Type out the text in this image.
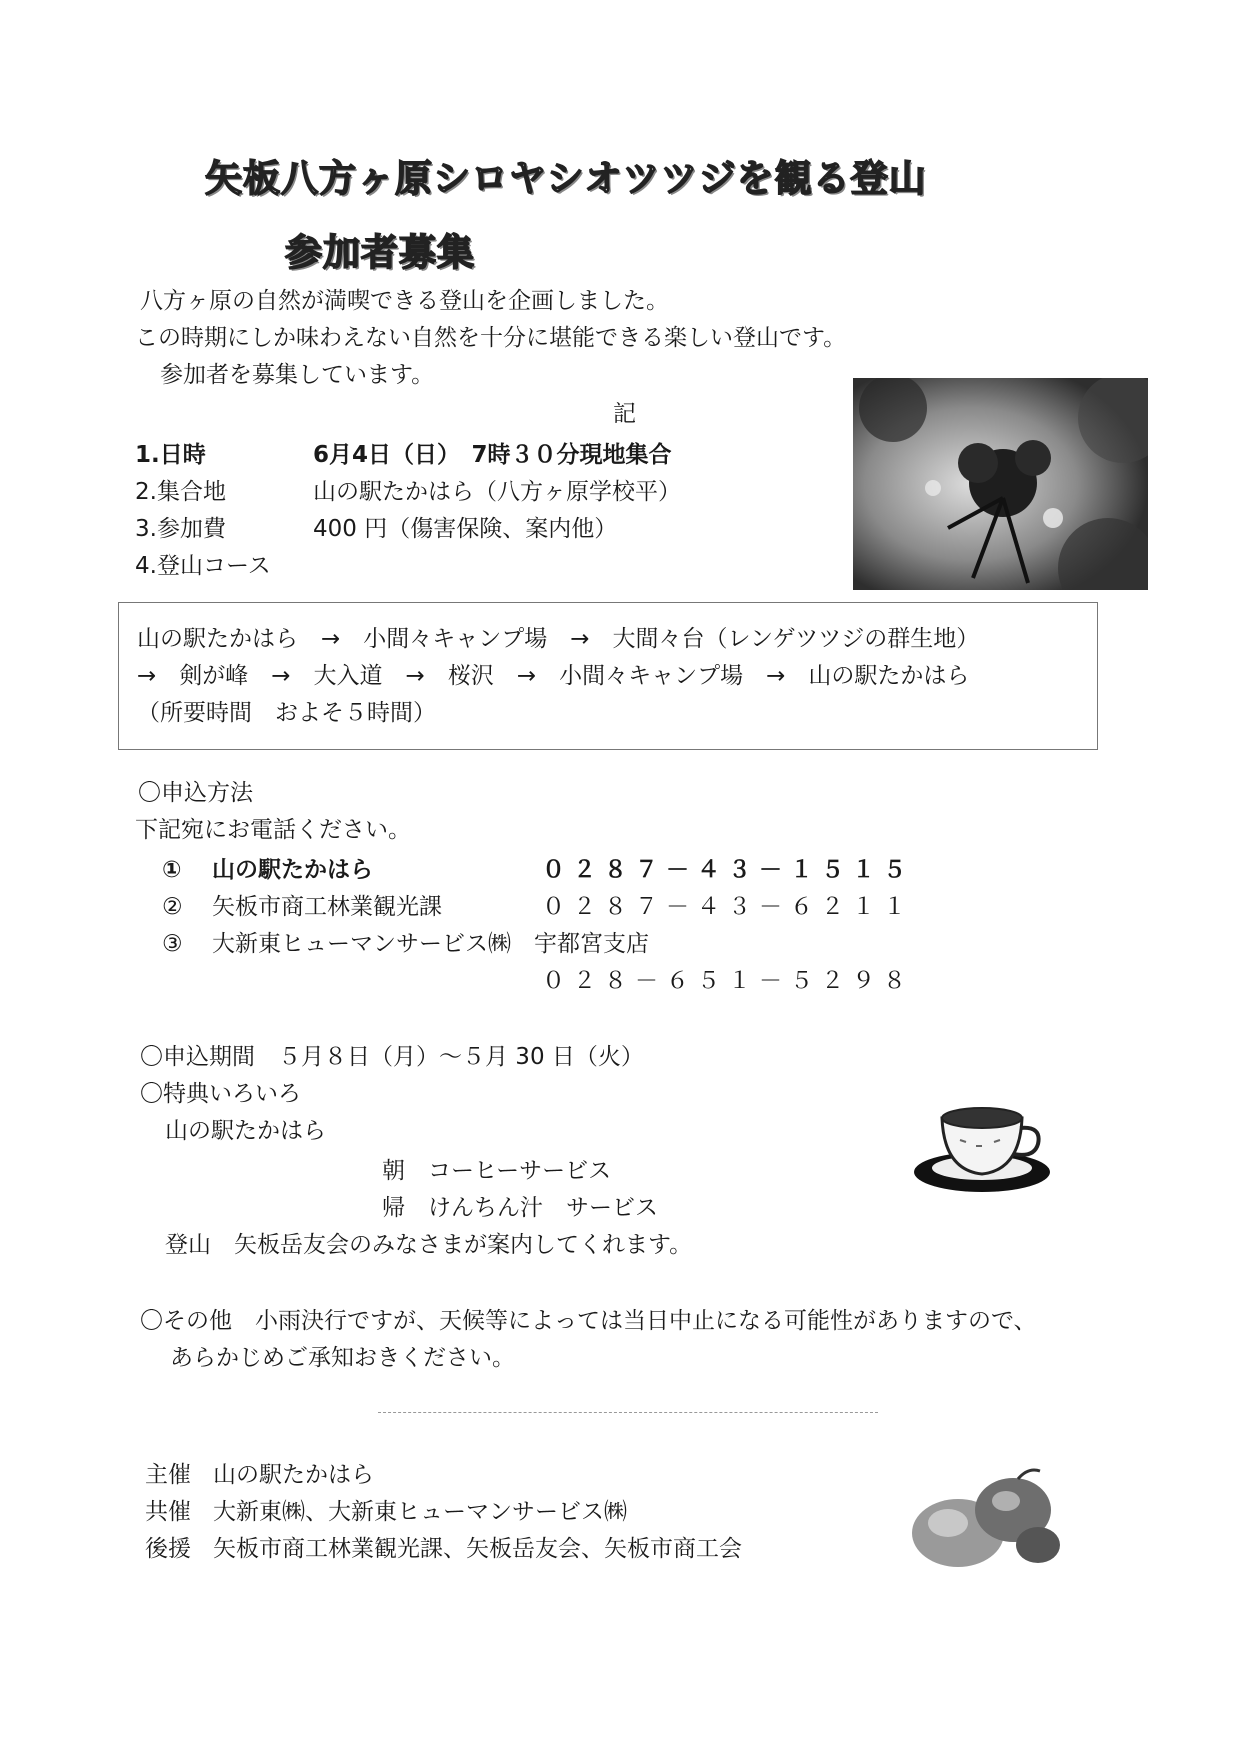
矢板八方ヶ原シロヤシオツツジを観る登山
参加者募集
八方ヶ原の自然が満喫できる登山を企画しました。
この時期にしか味わえない自然を十分に堪能できる楽しい登山です。
参加者を募集しています。
記
1.日時	6月4日（日）　7時３０分現地集合
2.集合地	山の駅たかはら（八方ヶ原学校平）
3.参加費	400 円（傷害保険、案内他）
4.登山コース
山の駅たかはら　→　小間々キャンプ場　→　大間々台（レンゲツツジの群生地）
→　剣が峰　→　大入道　→　桜沢　→　小間々キャンプ場　→　山の駅たかはら
（所要時間　およそ５時間）
〇申込方法
下記宛にお電話ください。
① 山の駅たかはら	０２８７－４３－１５１５
② 矢板市商工林業観光課	０２８７－４３－６２１１
③ 大新東ヒューマンサービス㈱　宇都宮支店
０２８－６５１－５２９８
〇申込期間　５月８日（月）～５月 30 日（火）
〇特典いろいろ
山の駅たかはら
朝　コーヒーサービス
帰　けんちん汁　サービス
登山　矢板岳友会のみなさまが案内してくれます。
〇その他　小雨決行ですが、天候等によっては当日中止になる可能性がありますので、
あらかじめご承知おきください。
主催 山の駅たかはら
共催 大新東㈱、大新東ヒューマンサービス㈱
後援 矢板市商工林業観光課、矢板岳友会、矢板市商工会
